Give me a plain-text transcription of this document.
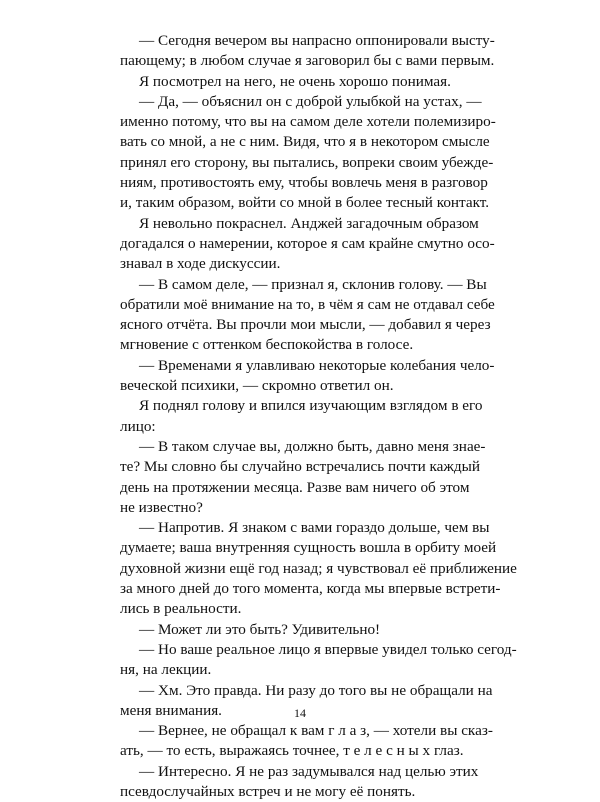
— Сегодня вечером вы напрасно оппонировали высту-
пающему; в любом случае я заговорил бы с вами первым.
Я посмотрел на него, не очень хорошо понимая.
— Да, — объяснил он с доброй улыбкой на устах, —
именно потому, что вы на самом деле хотели полемизиро-
вать со мной, а не с ним. Видя, что я в некотором смысле
принял его сторону, вы пытались, вопреки своим убежде-
ниям, противостоять ему, чтобы вовлечь меня в разговор
и, таким образом, войти со мной в более тесный контакт.
Я невольно покраснел. Анджей загадочным образом
догадался о намерении, которое я сам крайне смутно осо-
знавал в ходе дискуссии.
— В самом деле, — признал я, склонив голову. — Вы
обратили моё внимание на то, в чём я сам не отдавал себе
ясного отчёта. Вы прочли мои мысли, — добавил я через
мгновение с оттенком беспокойства в голосе.
— Временами я улавливаю некоторые колебания чело-
веческой психики, — скромно ответил он.
Я поднял голову и впился изучающим взглядом в его
лицо:
— В таком случае вы, должно быть, давно меня знае-
те? Мы словно бы случайно встречались почти каждый
день на протяжении месяца. Разве вам ничего об этом
не известно?
— Напротив. Я знаком с вами гораздо дольше, чем вы
думаете; ваша внутренняя сущность вошла в орбиту моей
духовной жизни ещё год назад; я чувствовал её приближение
за много дней до того момента, когда мы впервые встрети-
лись в реальности.
— Может ли это быть? Удивительно!
— Но ваше реальное лицо я впервые увидел только сегод-
ня, на лекции.
— Хм. Это правда. Ни разу до того вы не обращали на
меня внимания.
— Вернее, не обращал к вам г л а з, — хотели вы сказ-
ать, — то есть, выражаясь точнее, т е л е с н ы х глаз.
— Интересно. Я не раз задумывался над целью этих
псевдослучайных встреч и не могу её понять.
14
